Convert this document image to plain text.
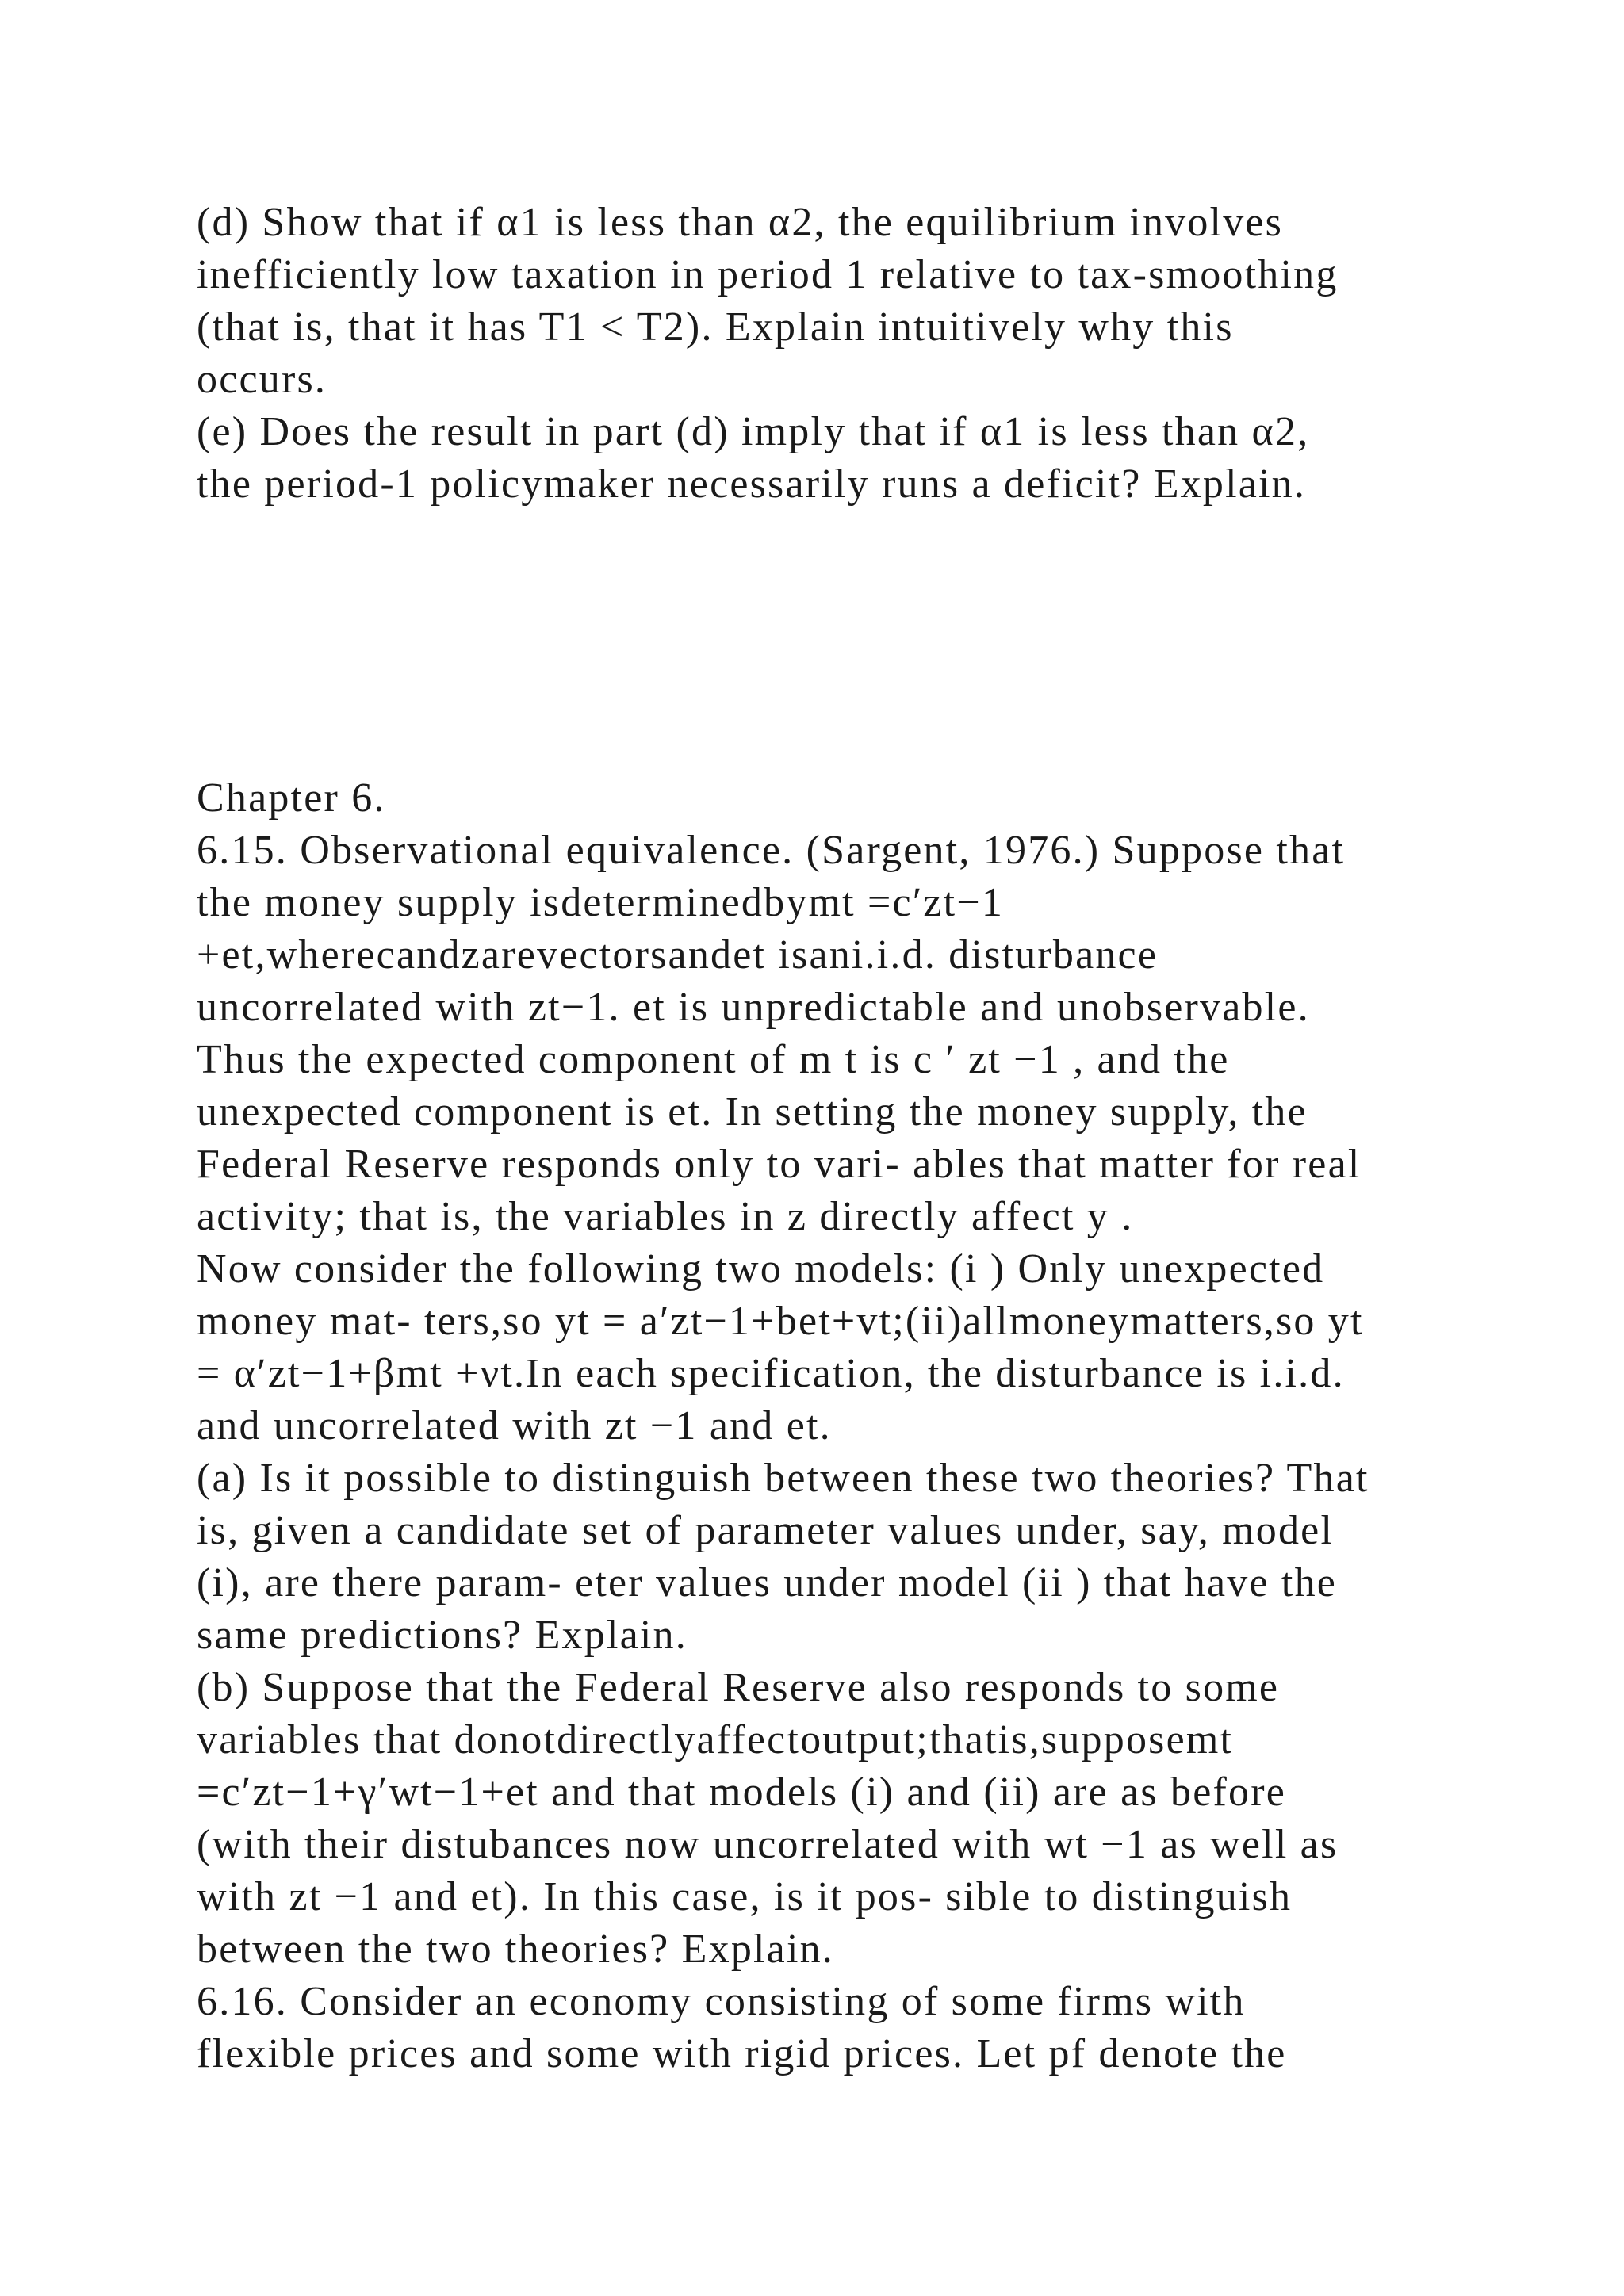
(d) Show that if α1 is less than α2, the equilibrium involves

inefficiently low taxation in period 1 relative to tax-smoothing

(that is, that it has T1 < T2). Explain intuitively why this

occurs.

(e) Does the result in part (d) imply that if α1 is less than α2,

the period-1 policymaker necessarily runs a deficit? Explain.

Chapter 6.

6.15. Observational equivalence. (Sargent, 1976.) Suppose that

the money supply isdeterminedbymt =c′zt−1

+et,wherecandzarevectorsandet isani.i.d. disturbance

uncorrelated with zt−1. et is unpredictable and unobservable.

Thus the expected component of m t is c ′ zt −1 , and the

unexpected component is et. In setting the money supply, the

Federal Reserve responds only to vari- ables that matter for real

activity; that is, the variables in z directly affect y .

Now consider the following two models: (i ) Only unexpected

money mat- ters,so yt = a′zt−1+bet+vt;(ii)allmoneymatters,so yt

= α′zt−1+βmt +νt.In each specification, the disturbance is i.i.d.

and uncorrelated with zt −1 and et.

(a) Is it possible to distinguish between these two theories? That

is, given a candidate set of parameter values under, say, model

(i), are there param- eter values under model (ii ) that have the

same predictions? Explain.

(b) Suppose that the Federal Reserve also responds to some

variables that donotdirectlyaffectoutput;thatis,supposemt

=c′zt−1+γ′wt−1+et and that models (i) and (ii) are as before

(with their distubances now uncorrelated with wt −1 as well as

with zt −1 and et). In this case, is it pos- sible to distinguish

between the two theories? Explain.

6.16. Consider an economy consisting of some firms with

flexible prices and some with rigid prices. Let pf denote the
